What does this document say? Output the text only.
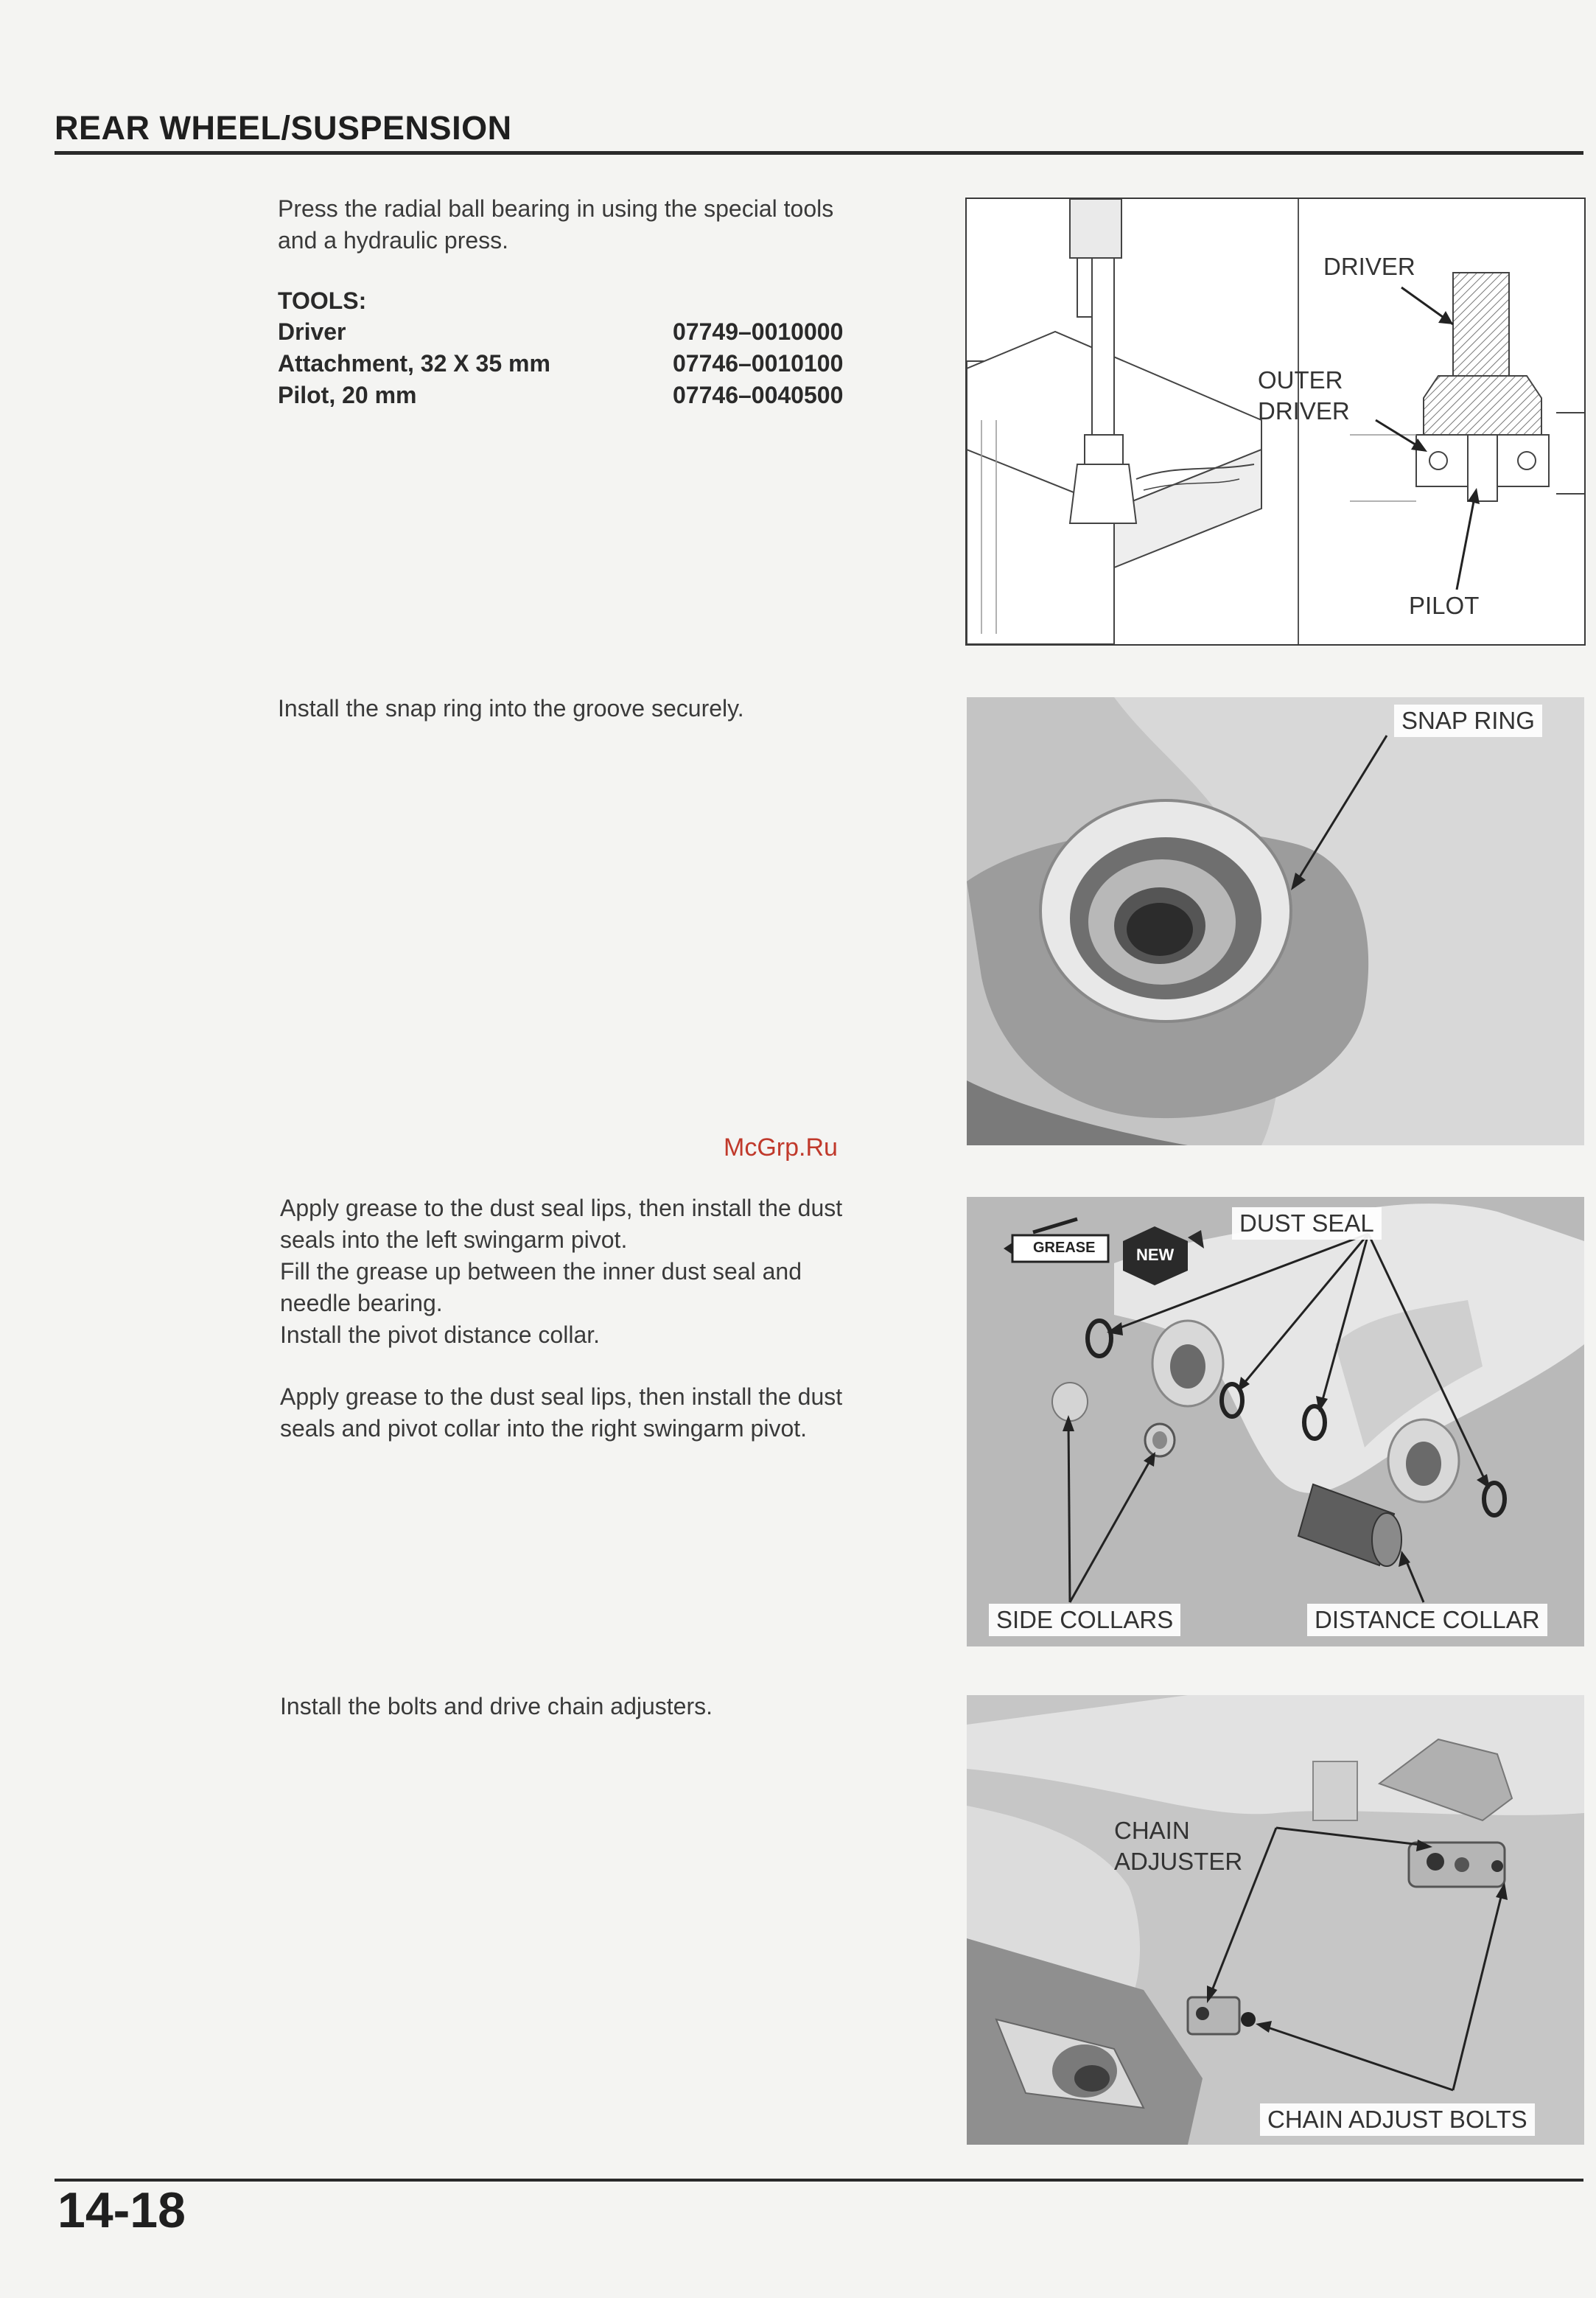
REAR WHEEL/SUSPENSION

Press the radial ball bearing in using the special tools

and a hydraulic press.

TOOLS:
Driver	07749–0010000
Attachment, 32 X 35 mm	07746–0010100
Pilot, 20 mm	07746–0040500
DRIVER
OUTER
DRIVER
PILOT
Install the snap ring into the groove securely.	SNAP RING
McGrp.Ru

Apply grease to the dust seal lips, then install the dust

seals into the left swingarm pivot.

Fill the grease up between the inner dust seal and

needle bearing.

Install the pivot distance collar.

Apply grease to the dust seal lips, then install the dust

seals and pivot collar into the right swingarm pivot.

GREASE	NEW
DUST SEAL
SIDE COLLARS	DISTANCE COLLAR
Install the bolts and drive chain adjusters.
CHAIN
ADJUSTER
CHAIN ADJUST BOLTS
14-18
